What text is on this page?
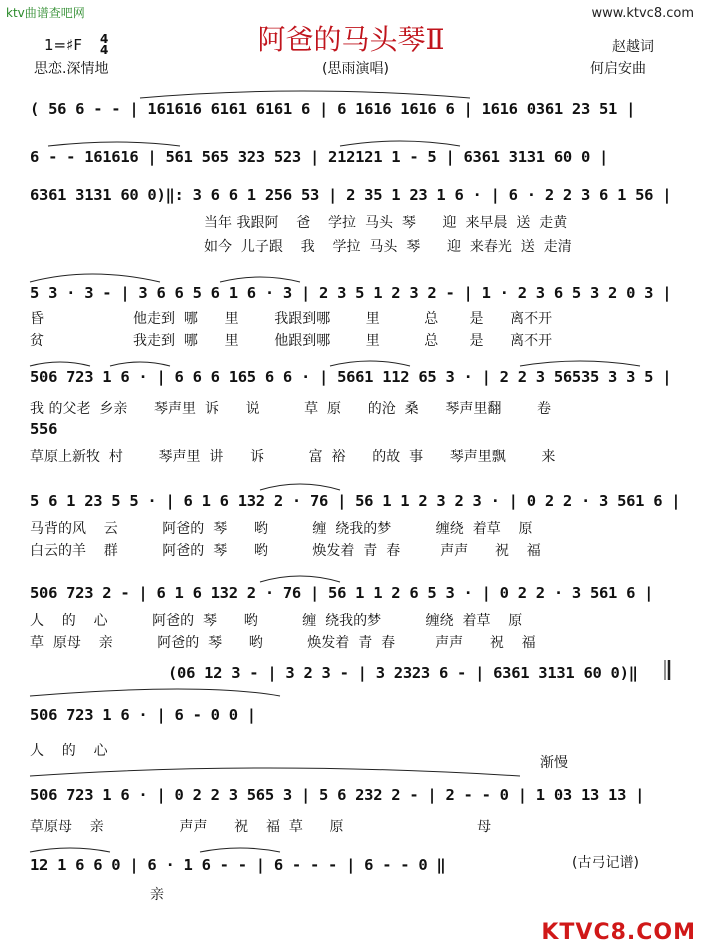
ktv曲谱查吧网	www.ktvc8.com
阿爸的马头琴Ⅱ
1=♯F 4
4	赵越词
思恋.深情地	(思雨演唱)	何启安曲
( 56 6 - - | 161616 6161 6161 6 | 6 1616 1616 6 | 1616 0361 23 51 |
6 - - 161616 | 561 565 323 523 | 212121 1 - 5 | 6361 3131 60 0 |
6361 3131 60 0)‖: 3 6 6 1 256 53 | 2 35 1 23 1 6 · | 6 · 2 2 3 6 1 56 |
5 3 · 3 - | 3 6 6 5 6 1 6 · 3 | 2 3 5 1 2 3 2 - | 1 · 2 3 6 5 3 2 0 3 |
506 723 1 6 · | 6 6 6 165 6 6 · | 5661 112 65 3 · | 2 2 3 56535 3 3 5 |
556
5 6 1 23 5 5 · | 6 1 6 132 2 · 76 | 56 1 1 2 3 2 3 · | 0 2 2 · 3 561 6 |
506 723 2 - | 6 1 6 132 2 · 76 | 56 1 1 2 6 5 3 · | 0 2 2 · 3 561 6 |
(06 12 3 - | 3 2 3 - | 3 2323 6 - | 6361 3131 60 0)‖
506 723 1 6 · | 6 - 0 0 |
506 723 1 6 · | 0 2 2 3 565 3 | 5 6 232 2 - | 2 - - 0 | 1 03 13 13 |
12 1 6 6 0 | 6 · 1 6 - - | 6 - - - | 6 - - 0 ‖
当年 我跟阿    爸    学拉  马头  琴      迎  来早晨  送  走黄
如今  儿子跟    我    学拉  马头  琴      迎  来春光  送  走清
昏                    他走到  哪      里        我跟到哪        里          总       是      离不开
贫                    我走到  哪      里        他跟到哪        里          总       是      离不开
我 的父老  乡亲      琴声里  诉      说          草  原      的沧  桑      琴声里翻        卷
草原上新牧  村        琴声里  讲      诉          富  裕      的故  事      琴声里飘        来
马背的风    云          阿爸的  琴      哟          缠  绕我的梦          缠绕  着草    原
白云的羊    群          阿爸的  琴      哟          焕发着  青  春         声声      祝    福
人    的    心          阿爸的  琴      哟          缠  绕我的梦          缠绕  着草    原
草  原母    亲          阿爸的  琴      哟          焕发着  青  春         声声      祝    福
人    的    心
草原母    亲                 声声      祝    福  草      原                              母
亲
渐慢
(古弓记谱)
KTVC8.COM
